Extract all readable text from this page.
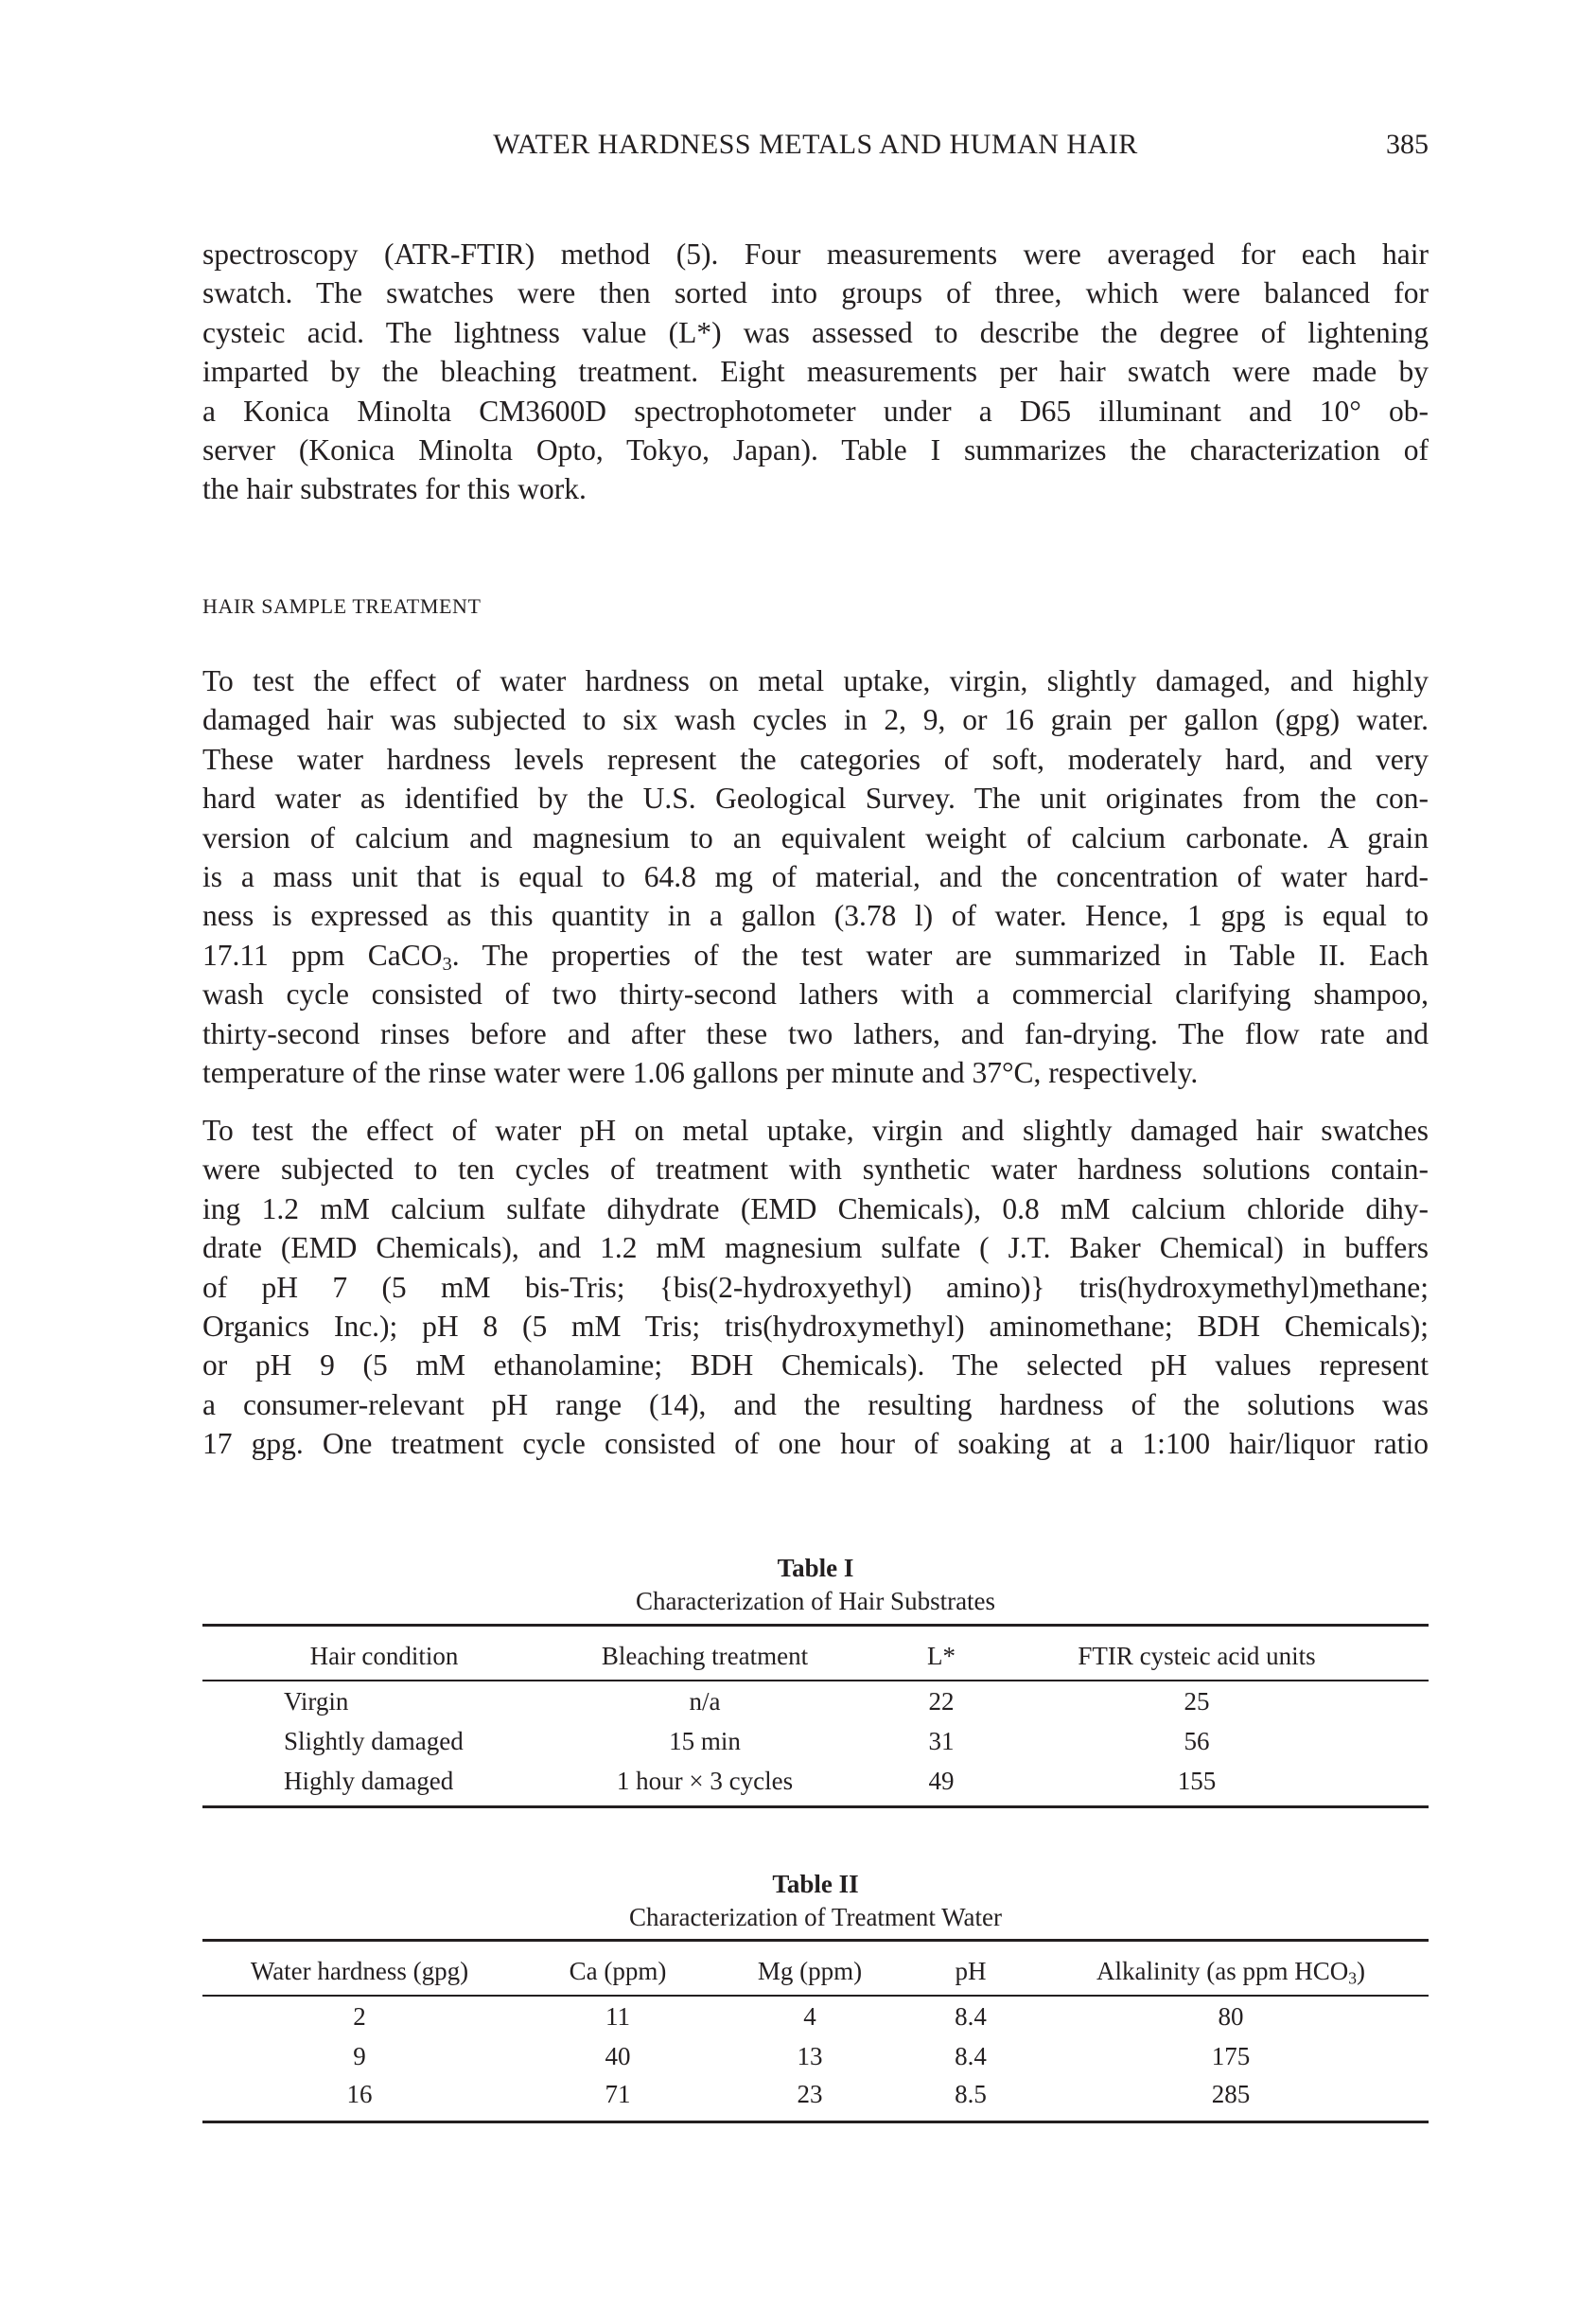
WATER HARDNESS METALS AND HUMAN HAIR	385
spectroscopy (ATR-FTIR) method (5). Four measurements were averaged for each hair
swatch. The swatches were then sorted into groups of three, which were balanced for
cysteic acid. The lightness value (L*) was assessed to describe the degree of lightening
imparted by the bleaching treatment. Eight measurements per hair swatch were made by
a Konica Minolta CM3600D spectrophotometer under a D65 illuminant and 10° ob-
server (Konica Minolta Opto, Tokyo, Japan). Table I summarizes the characterization of
the hair substrates for this work.
HAIR SAMPLE TREATMENT
To test the effect of water hardness on metal uptake, virgin, slightly damaged, and highly
damaged hair was subjected to six wash cycles in 2, 9, or 16 grain per gallon (gpg) water.
These water hardness levels represent the categories of soft, moderately hard, and very
hard water as identified by the U.S. Geological Survey. The unit originates from the con-
version of calcium and magnesium to an equivalent weight of calcium carbonate. A grain
is a mass unit that is equal to 64.8 mg of material, and the concentration of water hard-
ness is expressed as this quantity in a gallon (3.78 l) of water. Hence, 1 gpg is equal to
17.11 ppm CaCO$_3$. The properties of the test water are summarized in Table II. Each
wash cycle consisted of two thirty-second lathers with a commercial clarifying shampoo,
thirty-second rinses before and after these two lathers, and fan-drying. The flow rate and
temperature of the rinse water were 1.06 gallons per minute and 37°C, respectively.
To test the effect of water pH on metal uptake, virgin and slightly damaged hair swatches
were subjected to ten cycles of treatment with synthetic water hardness solutions contain-
ing 1.2 mM calcium sulfate dihydrate (EMD Chemicals), 0.8 mM calcium chloride dihy-
drate (EMD Chemicals), and 1.2 mM magnesium sulfate ( J.T. Baker Chemical) in buffers
of pH 7 (5 mM bis-Tris; {bis(2-hydroxyethyl) amino)} tris(hydroxymethyl)methane;
Organics Inc.); pH 8 (5 mM Tris; tris(hydroxymethyl) aminomethane; BDH Chemicals);
or pH 9 (5 mM ethanolamine; BDH Chemicals). The selected pH values represent
a consumer-relevant pH range (14), and the resulting hardness of the solutions was
17 gpg. One treatment cycle consisted of one hour of soaking at a 1:100 hair/liquor ratio
Table I
Characterization of Hair Substrates
Hair condition	Bleaching treatment	L*	FTIR cysteic acid units
Virgin	n/a	22	25
Slightly damaged	15 min	31	56
Highly damaged	1 hour × 3 cycles	49	155
Table II
Characterization of Treatment Water
Water hardness (gpg)	Ca (ppm)	Mg (ppm)	pH	Alkalinity (as ppm $HCO_3$)
2	11	4	8.4	80
9	40	13	8.4	175
16	71	23	8.5	285
